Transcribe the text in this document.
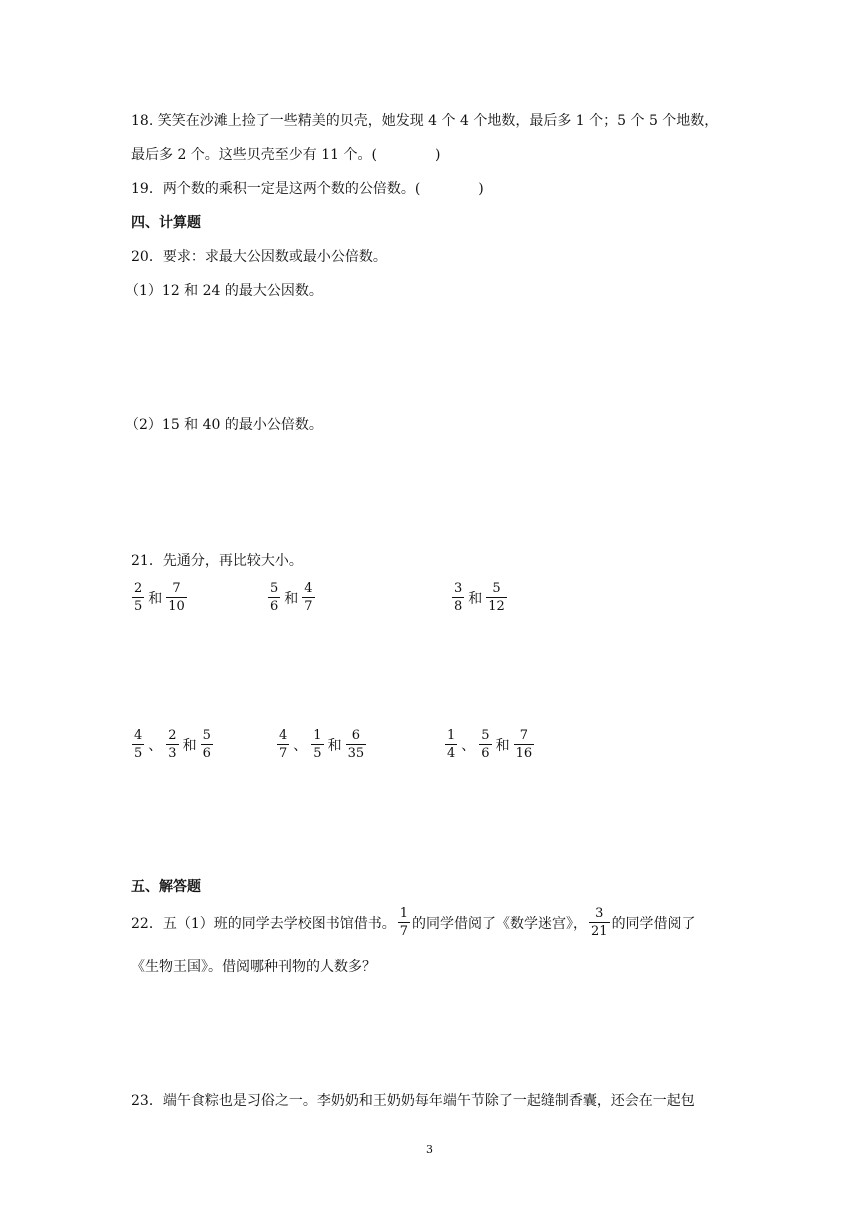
18. 笑笑在沙滩上捡了一些精美的贝壳，她发现 4 个 4 个地数，最后多 1 个；5 个 5 个地数，
最后多 2 个。这些贝壳至少有 11 个。(	)
19．两个数的乘积一定是这两个数的公倍数。(	)
四、计算题
20．要求：求最大公因数或最小公倍数。
（1）12 和 24 的最大公因数。
（2）15 和 40 的最小公倍数。
21．先通分，再比较大小。
$\frac{2}{5}$ 和 $\frac{7}{10}$	$\frac{5}{6}$ 和 $\frac{4}{7}$	$\frac{3}{8}$ 和 $\frac{5}{12}$
$\frac{4}{5}$ 、 $\frac{2}{3}$ 和 $\frac{5}{6}$	$\frac{4}{7}$ 、 $\frac{1}{5}$ 和 $\frac{6}{35}$	$\frac{1}{4}$ 、 $\frac{5}{6}$ 和 $\frac{7}{16}$
五、解答题
22．五（1）班的同学去学校图书馆借书。 $\frac{1}{7}$ 的同学借阅了《数学迷宫》， $\frac{3}{21}$ 的同学借阅了
《生物王国》。借阅哪种刊物的人数多？
23．端午食粽也是习俗之一。李奶奶和王奶奶每年端午节除了一起缝制香囊，还会在一起包
3
